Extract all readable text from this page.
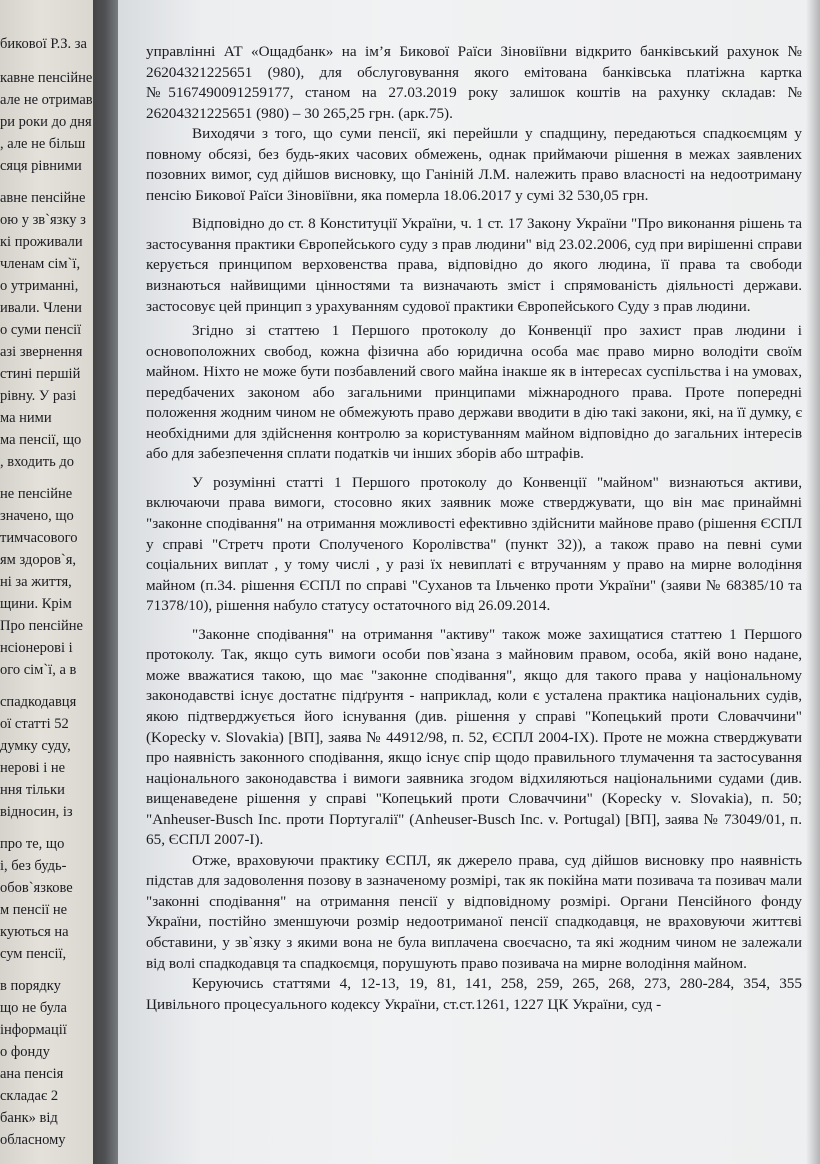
бикової Р.З. за
кавне пенсійне
але не отримав
ри роки до дня
, але не більш
сяця рівними
авне пенсійне
ою у зв`язку з
кі проживали
членам сім`ї,
о утриманні,
ивали. Члени
о суми пенсії
азі звернення
стині першій
рівну. У разі
ма ними
ма пенсії, що
, входить до
не пенсійне
значено, що
тимчасового
ям здоров`я,
ні за життя,
щини. Крім
Про пенсійне
нсіонерові і
ого сім`ї, а в
спадкодавця
ої статті 52
думку суду,
нерові і не
ння тільки
відносин, із
про те, що
і, без будь-
обов`язкове
м пенсії не
куються на
сум пенсії,
в порядку
що не була
інформації
о фонду
ана пенсія
складає 2
банк» від
обласному

управлінні АТ «Ощадбанк» на ім’я Бикової Раїси Зіновіївни відкрито банківський рахунок № 26204321225651 (980), для обслуговування якого емітована банківська платіжна картка №5167490091259177, станом на 27.03.2019 року залишок коштів на рахунку складав: № 26204321225651 (980) – 30 265,25 грн. (арк.75).

Виходячи з того, що суми пенсії, які перейшли у спадщину, передаються спадкоємцям у повному обсязі, без будь-яких часових обмежень, однак приймаючи рішення в межах заявлених позовних вимог, суд дійшов висновку, що Ганіній Л.М. належить право власності на недоотриману пенсію Бикової Раїси Зіновіївни, яка померла 18.06.2017 у сумі 32 530,05 грн.

Відповідно до ст. 8 Конституції України, ч. 1 ст. 17 Закону України "Про виконання рішень та застосування практики Європейського суду з прав людини" від 23.02.2006, суд при вирішенні справи керується принципом верховенства права, відповідно до якого людина, її права та свободи визнаються найвищими цінностями та визначають зміст і спрямованість діяльності держави. застосовує цей принцип з урахуванням судової практики Європейського Суду з прав людини.

Згідно зі статтею 1 Першого протоколу до Конвенції про захист прав людини і основоположних свобод, кожна фізична або юридична особа має право мирно володіти своїм майном. Ніхто не може бути позбавлений свого майна інакше як в інтересах суспільства і на умовах, передбачених законом або загальними принципами міжнародного права. Проте попередні положення жодним чином не обмежують право держави вводити в дію такі закони, які, на її думку, є необхідними для здійснення контролю за користуванням майном відповідно до загальних інтересів або для забезпечення сплати податків чи інших зборів або штрафів.

У розумінні статті 1 Першого протоколу до Конвенції "майном" визнаються активи, включаючи права вимоги, стосовно яких заявник може стверджувати, що він має принаймні "законне сподівання" на отримання можливості ефективно здійснити майнове право (рішення ЄСПЛ у справі "Стретч проти Сполученого Королівства" (пункт 32)), а також право на певні суми соціальних виплат , у тому числі , у разі їх невиплаті є втручанням у право на мирне володіння майном (п.34. рішення ЄСПЛ по справі "Суханов та Ільченко проти України" (заяви № 68385/10 та 71378/10), рішення набуло статусу остаточного від 26.09.2014.

"Законне сподівання" на отримання "активу" також може захищатися статтею 1 Першого протоколу. Так, якщо суть вимоги особи пов`язана з майновим правом, особа, якій воно надане, може вважатися такою, що має "законне сподівання", якщо для такого права у національному законодавстві існує достатнє підґрунтя - наприклад, коли є усталена практика національних судів, якою підтверджується його існування (див. рішення у справі "Копецький проти Словаччини" (Kopecky v. Slovakia) [ВП], заява № 44912/98, п. 52, ЄСПЛ 2004-IX). Проте не можна стверджувати про наявність законного сподівання, якщо існує спір щодо правильного тлумачення та застосування національного законодавства і вимоги заявника згодом відхиляються національними судами (див. вищенаведене рішення у справі "Копецький проти Словаччини" (Kopecky v. Slovakia), п. 50; "Anheuser-Busch Inc. проти Португалії" (Anheuser-Busch Inc. v. Portugal) [ВП], заява № 73049/01, п. 65, ЄСПЛ 2007-I).

Отже, враховуючи практику ЄСПЛ, як джерело права, суд дійшов висновку про наявність підстав для задоволення позову в зазначеному розмірі, так як покійна мати позивача та позивач мали "законні сподівання" на отримання пенсії у відповідному розмірі. Органи Пенсійного фонду України, постійно зменшуючи розмір недоотриманої пенсії спадкодавця, не враховуючи життєві обставини, у зв`язку з якими вона не була виплачена своєчасно, та які жодним чином не залежали від волі спадкодавця та спадкоємця, порушують право позивача на мирне володіння майном.

Керуючись статтями 4, 12-13, 19, 81, 141, 258, 259, 265, 268, 273, 280-284, 354, 355 Цивільного процесуального кодексу України, ст.ст.1261, 1227 ЦК України, суд -
